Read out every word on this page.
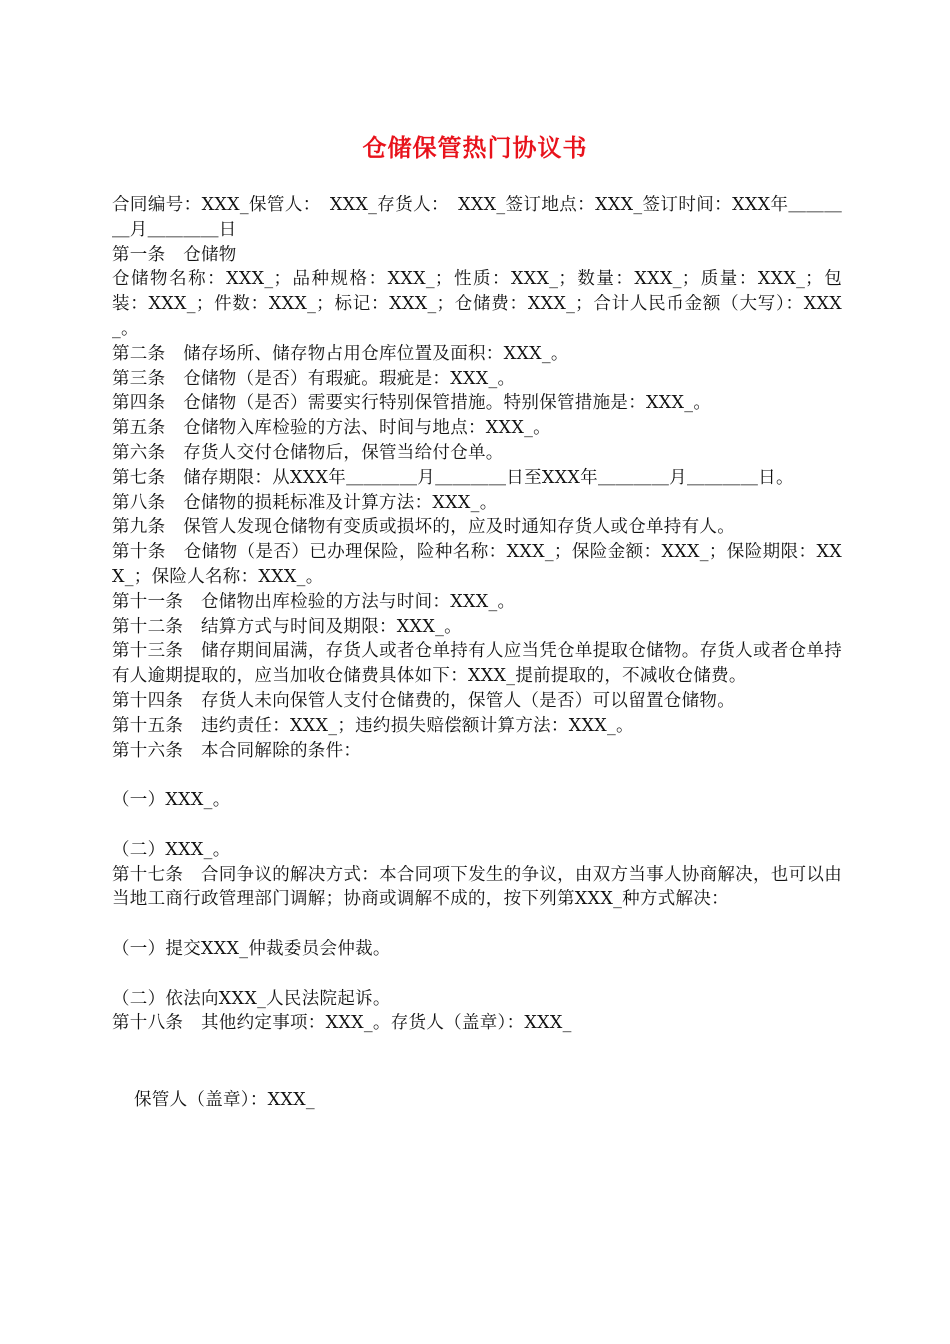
仓储保管热门协议书

合同编号：XXX_保管人：　XXX_存货人：　XXX_签订地点：XXX_签订时间：XXX年＿＿＿＿月＿＿＿＿日

第一条　仓储物

仓储物名称：XXX_；品种规格：XXX_；性质：XXX_；数量：XXX_；质量：XXX_；包装：XXX_；件数：XXX_；标记：XXX_；仓储费：XXX_；合计人民币金额（大写）：XXX_。

第二条　储存场所、储存物占用仓库位置及面积：XXX_。

第三条　仓储物（是否）有瑕疵。瑕疵是：XXX_。

第四条　仓储物（是否）需要实行特别保管措施。特别保管措施是：XXX_。

第五条　仓储物入库检验的方法、时间与地点：XXX_。

第六条　存货人交付仓储物后，保管当给付仓单。

第七条　储存期限：从XXX年＿＿＿＿月＿＿＿＿日至XXX年＿＿＿＿月＿＿＿＿日。

第八条　仓储物的损耗标准及计算方法：XXX_。

第九条　保管人发现仓储物有变质或损坏的，应及时通知存货人或仓单持有人。

第十条　仓储物（是否）已办理保险，险种名称：XXX_；保险金额：XXX_；保险期限：XXX_；保险人名称：XXX_。

第十一条　仓储物出库检验的方法与时间：XXX_。

第十二条　结算方式与时间及期限：XXX_。

第十三条　储存期间届满，存货人或者仓单持有人应当凭仓单提取仓储物。存货人或者仓单持有人逾期提取的，应当加收仓储费具体如下：XXX_提前提取的，不减收仓储费。

第十四条　存货人未向保管人支付仓储费的，保管人（是否）可以留置仓储物。

第十五条　违约责任：XXX_；违约损失赔偿额计算方法：XXX_。

第十六条　本合同解除的条件：

（一）XXX_。

（二）XXX_。

第十七条　合同争议的解决方式：本合同项下发生的争议，由双方当事人协商解决，也可以由当地工商行政管理部门调解；协商或调解不成的，按下列第XXX_种方式解决：

（一）提交XXX_仲裁委员会仲裁。

（二）依法向XXX_人民法院起诉。

第十八条　其他约定事项：XXX_。存货人（盖章）：XXX_

保管人（盖章）：XXX_
